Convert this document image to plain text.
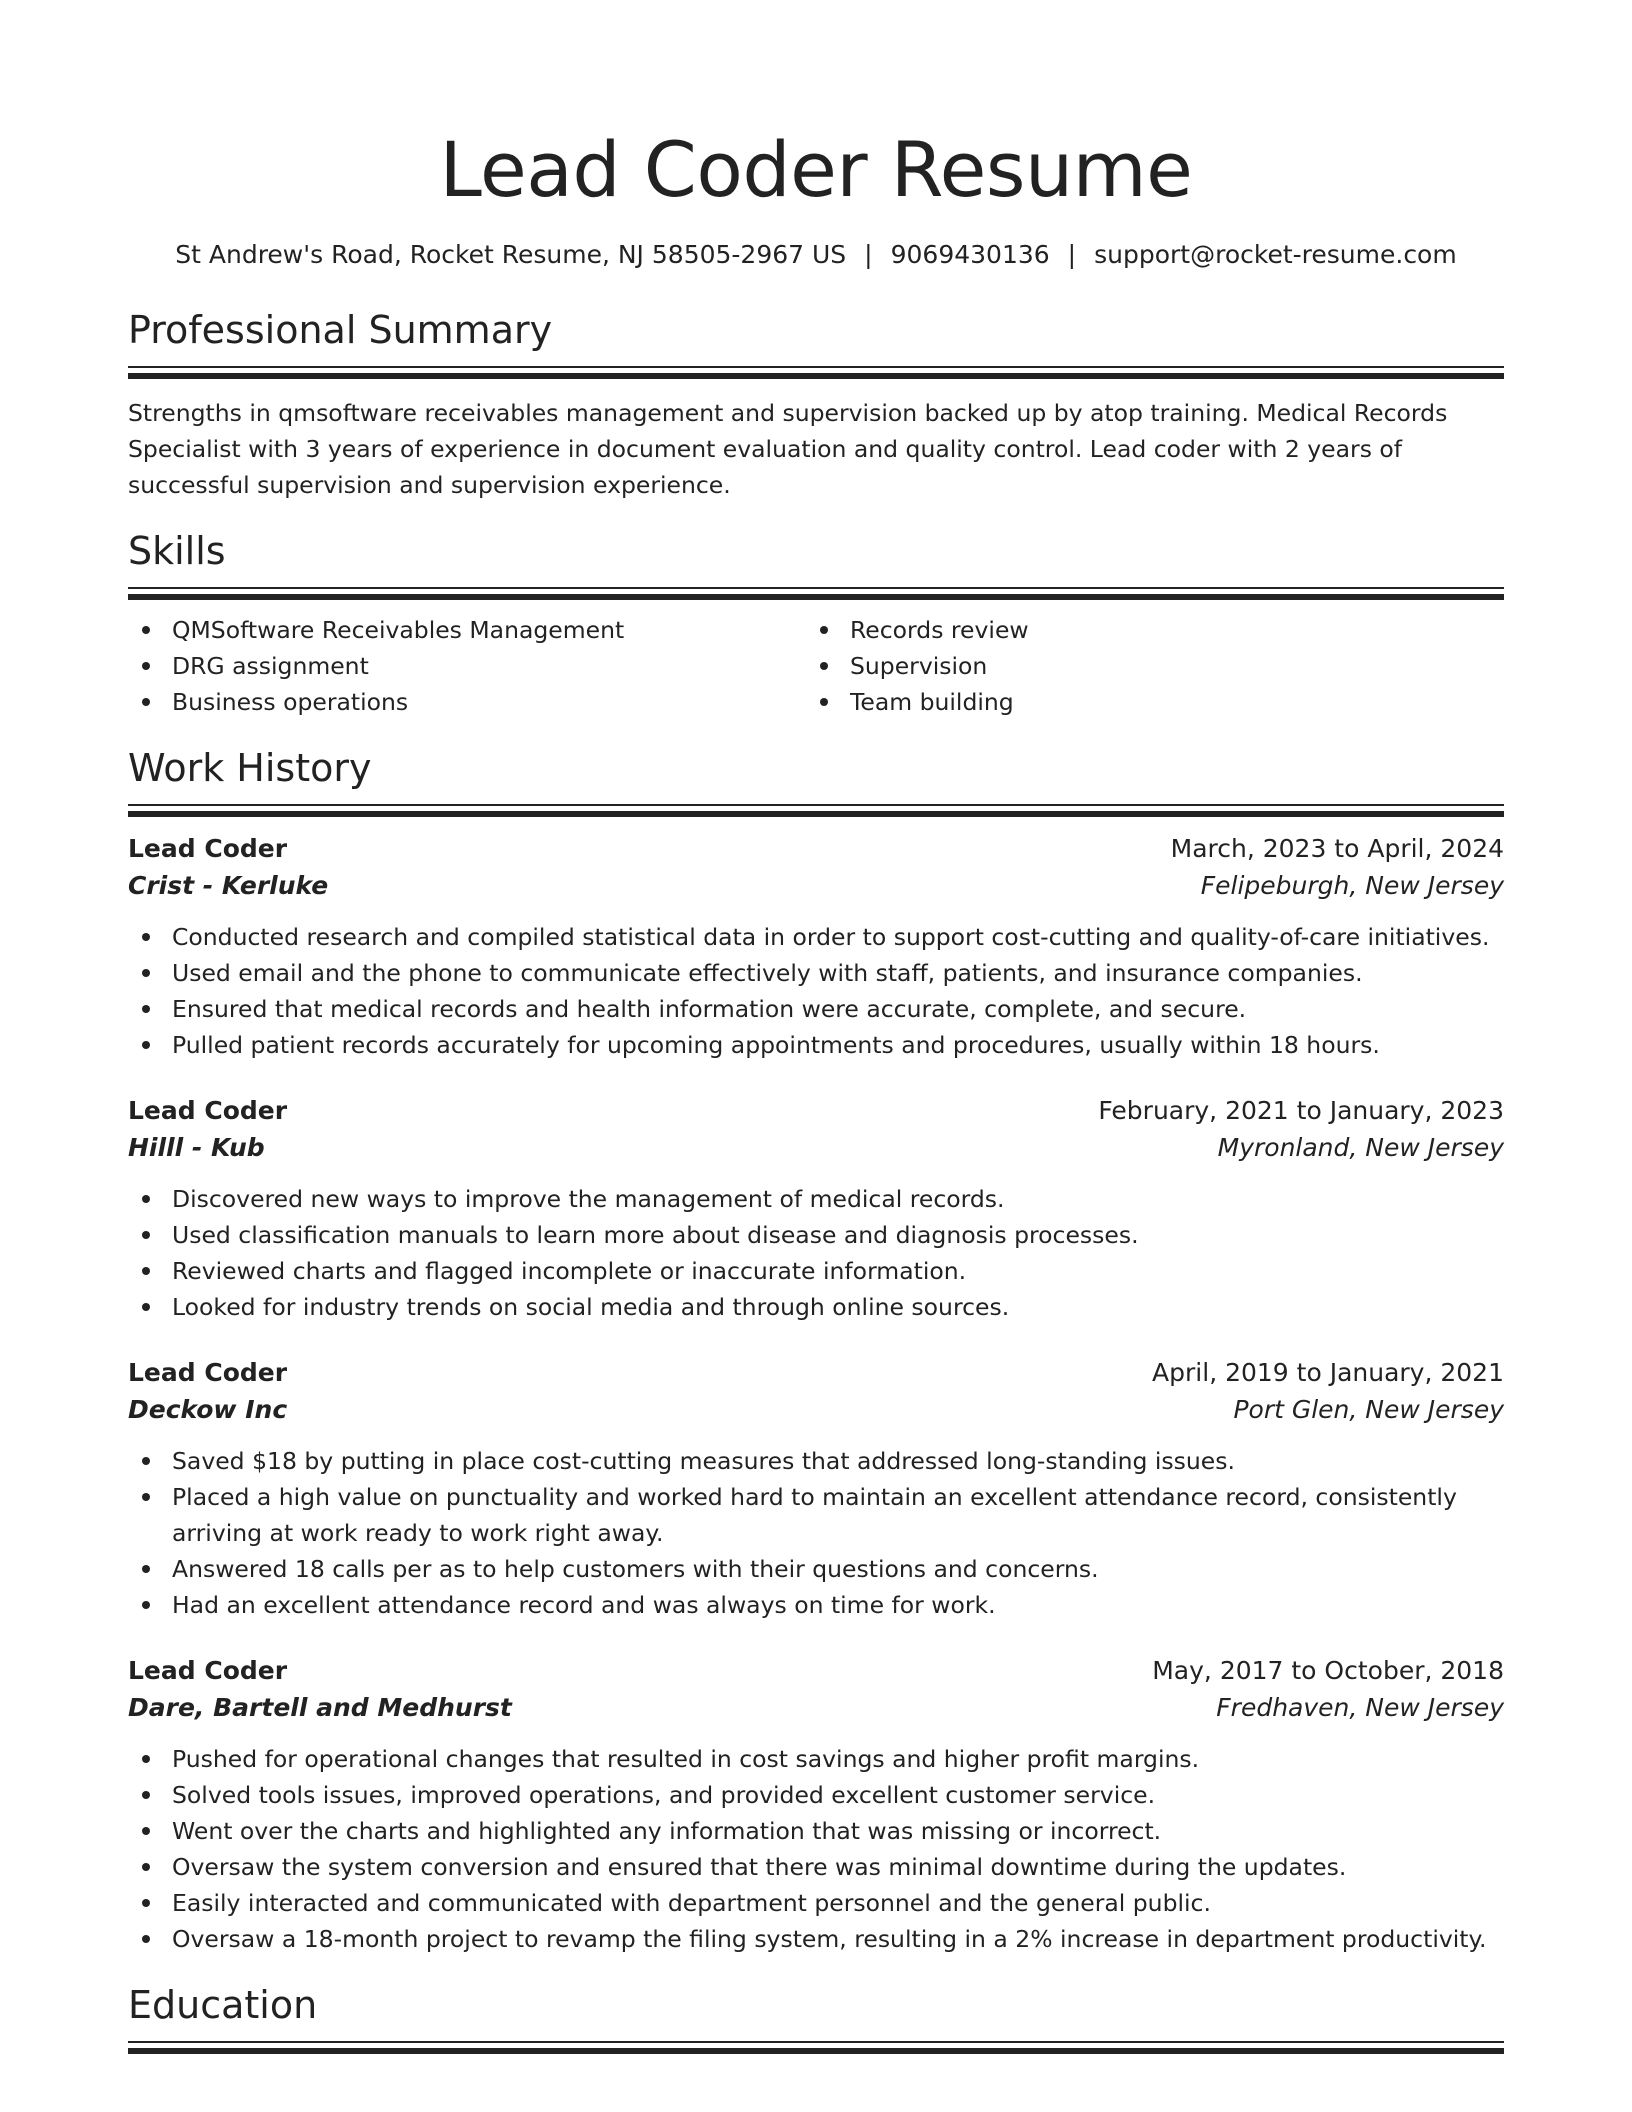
Lead Coder Resume
St Andrew's Road, Rocket Resume, NJ 58505-2967 US | 9069430136 | support@rocket-resume.com
Professional Summary

Strengths in qmsoftware receivables management and supervision backed up by atop training. Medical Records Specialist with 3 years of experience in document evaluation and quality control. Lead coder with 2 years of successful supervision and supervision experience.

Skills
QMSoftware Receivables Management
DRG assignment
Business operations
Records review
Supervision
Team building
Work History
Lead Coder	March, 2023 to April, 2024
Crist - Kerluke	Felipeburgh, New Jersey
Conducted research and compiled statistical data in order to support cost-cutting and quality-of-care initiatives.
Used email and the phone to communicate effectively with staff, patients, and insurance companies.
Ensured that medical records and health information were accurate, complete, and secure.
Pulled patient records accurately for upcoming appointments and procedures, usually within 18 hours.
Lead Coder	February, 2021 to January, 2023
Hilll - Kub	Myronland, New Jersey
Discovered new ways to improve the management of medical records.
Used classification manuals to learn more about disease and diagnosis processes.
Reviewed charts and flagged incomplete or inaccurate information.
Looked for industry trends on social media and through online sources.
Lead Coder	April, 2019 to January, 2021
Deckow Inc	Port Glen, New Jersey
Saved $18 by putting in place cost-cutting measures that addressed long-standing issues.
Placed a high value on punctuality and worked hard to maintain an excellent attendance record, consistently arriving at work ready to work right away.
Answered 18 calls per as to help customers with their questions and concerns.
Had an excellent attendance record and was always on time for work.
Lead Coder	May, 2017 to October, 2018
Dare, Bartell and Medhurst	Fredhaven, New Jersey
Pushed for operational changes that resulted in cost savings and higher profit margins.
Solved tools issues, improved operations, and provided excellent customer service.
Went over the charts and highlighted any information that was missing or incorrect.
Oversaw the system conversion and ensured that there was minimal downtime during the updates.
Easily interacted and communicated with department personnel and the general public.
Oversaw a 18-month project to revamp the filing system, resulting in a 2% increase in department productivity.
Education
